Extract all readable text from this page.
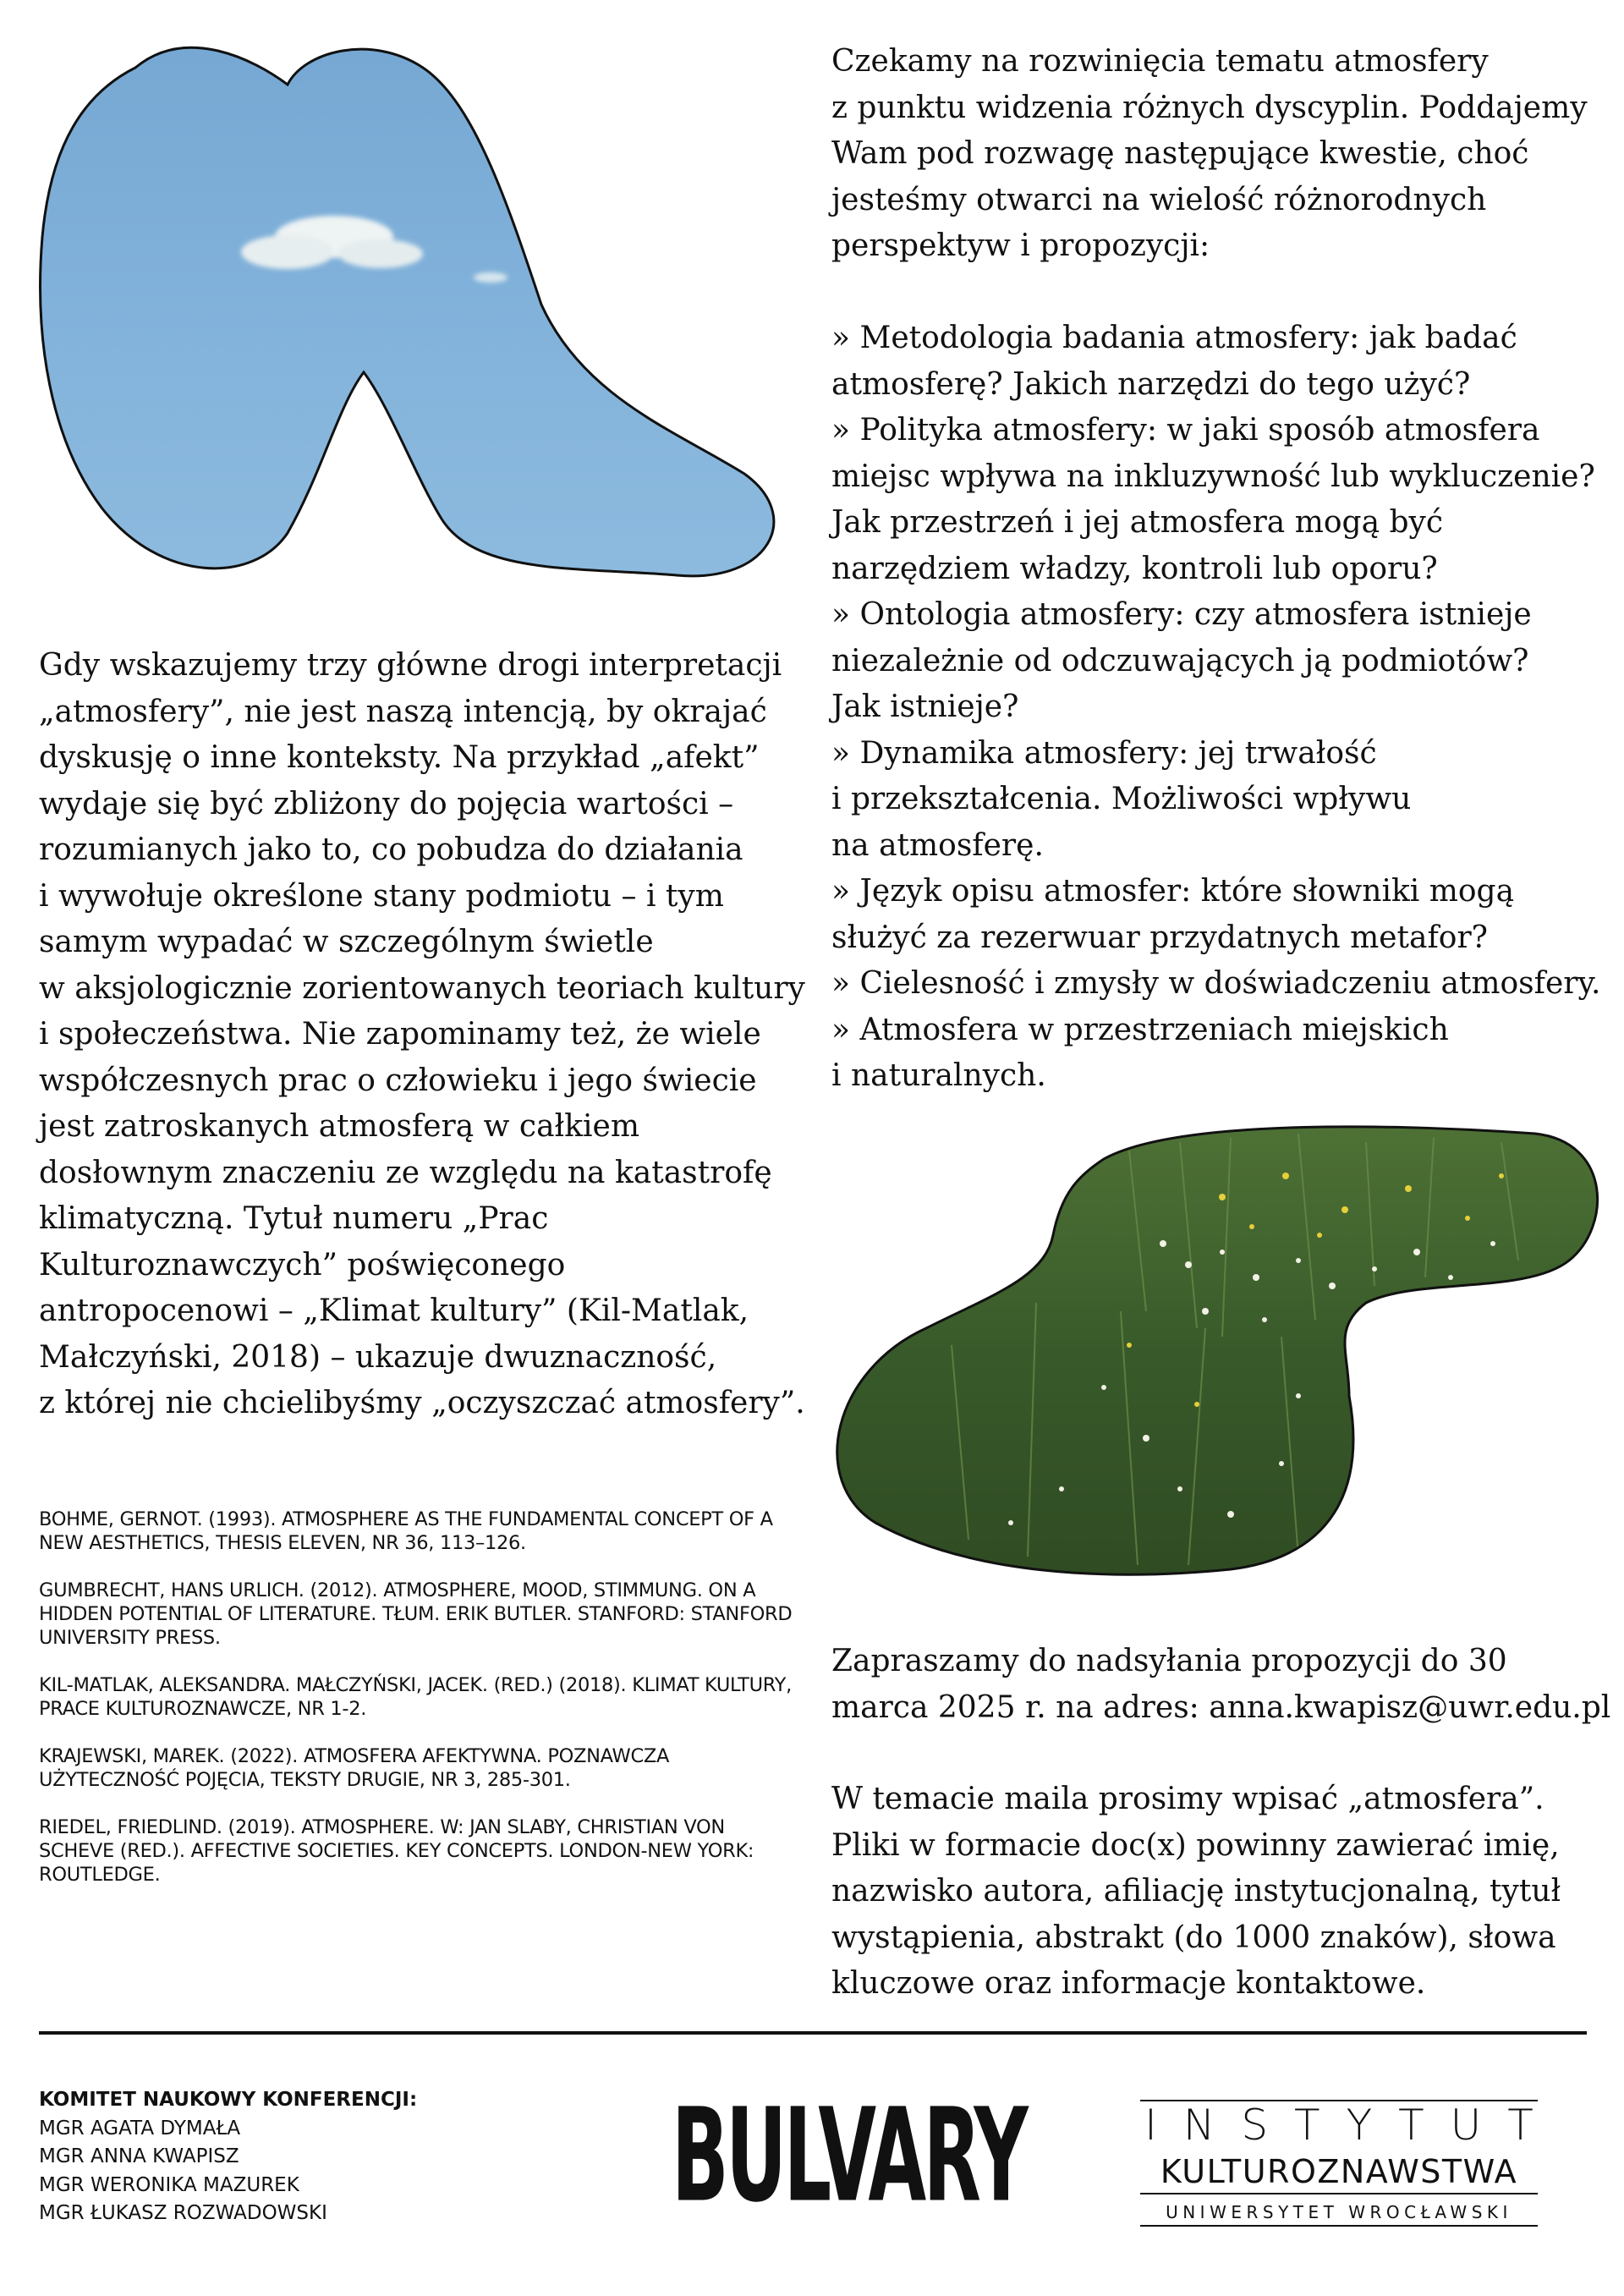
Czekamy na rozwinięcia tematu atmosfery
z punktu widzenia różnych dyscyplin. Poddajemy
Wam pod rozwagę następujące kwestie, choć
jesteśmy otwarci na wielość różnorodnych
perspektyw i propozycji:
» Metodologia badania atmosfery: jak badać
atmosferę? Jakich narzędzi do tego użyć?
» Polityka atmosfery: w jaki sposób atmosfera
miejsc wpływa na inkluzywność lub wykluczenie?
Jak przestrzeń i jej atmosfera mogą być
narzędziem władzy, kontroli lub oporu?
» Ontologia atmosfery: czy atmosfera istnieje
niezależnie od odczuwających ją podmiotów?
Jak istnieje?
» Dynamika atmosfery: jej trwałość
i przekształcenia. Możliwości wpływu
na atmosferę.
» Język opisu atmosfer: które słowniki mogą
służyć za rezerwuar przydatnych metafor?
» Cielesność i zmysły w doświadczeniu atmosfery.
» Atmosfera w przestrzeniach miejskich
i naturalnych.
Gdy wskazujemy trzy główne drogi interpretacji
„atmosfery”, nie jest naszą intencją, by okrajać
dyskusję o inne konteksty. Na przykład „afekt”
wydaje się być zbliżony do pojęcia wartości –
rozumianych jako to, co pobudza do działania
i wywołuje określone stany podmiotu – i tym
samym wypadać w szczególnym świetle
w aksjologicznie zorientowanych teoriach kultury
i społeczeństwa. Nie zapominamy też, że wiele
współczesnych prac o człowieku i jego świecie
jest zatroskanych atmosferą w całkiem
dosłownym znaczeniu ze względu na katastrofę
klimatyczną. Tytuł numeru „Prac
Kulturoznawczych” poświęconego
antropocenowi – „Klimat kultury” (Kil-Matlak,
Małczyński, 2018) – ukazuje dwuznaczność,
z której nie chcielibyśmy „oczyszczać atmosfery”.

BOHME, GERNOT. (1993). ATMOSPHERE AS THE FUNDAMENTAL CONCEPT OF A NEW AESTHETICS, THESIS ELEVEN, NR 36, 113–126.

GUMBRECHT, HANS URLICH. (2012). ATMOSPHERE, MOOD, STIMMUNG. ON A HIDDEN POTENTIAL OF LITERATURE. TŁUM. ERIK BUTLER. STANFORD: STANFORD UNIVERSITY PRESS.

KIL-MATLAK, ALEKSANDRA. MAŁCZYŃSKI, JACEK. (RED.) (2018). KLIMAT KULTURY, PRACE KULTUROZNAWCZE, NR 1-2.

KRAJEWSKI, MAREK. (2022). ATMOSFERA AFEKTYWNA. POZNAWCZA UŻYTECZNOŚĆ POJĘCIA, TEKSTY DRUGIE, NR 3, 285-301.

RIEDEL, FRIEDLIND. (2019). ATMOSPHERE. W: JAN SLABY, CHRISTIAN VON SCHEVE (RED.). AFFECTIVE SOCIETIES. KEY CONCEPTS. LONDON-NEW YORK: ROUTLEDGE.

Zapraszamy do nadsyłania propozycji do 30
marca 2025 r. na adres: anna.kwapisz@uwr.edu.pl
W temacie maila prosimy wpisać „atmosfera”.
Pliki w formacie doc(x) powinny zawierać imię,
nazwisko autora, afiliację instytucjonalną, tytuł
wystąpienia, abstrakt (do 1000 znaków), słowa
kluczowe oraz informacje kontaktowe.
KOMITET NAUKOWY KONFERENCJI:
MGR AGATA DYMAŁA
MGR ANNA KWAPISZ
MGR WERONIKA MAZUREK
MGR ŁUKASZ ROZWADOWSKI	BULVARY	INSTYTUT
KULTUROZNAWSTWA
UNIWERSYTET WROCŁAWSKI
